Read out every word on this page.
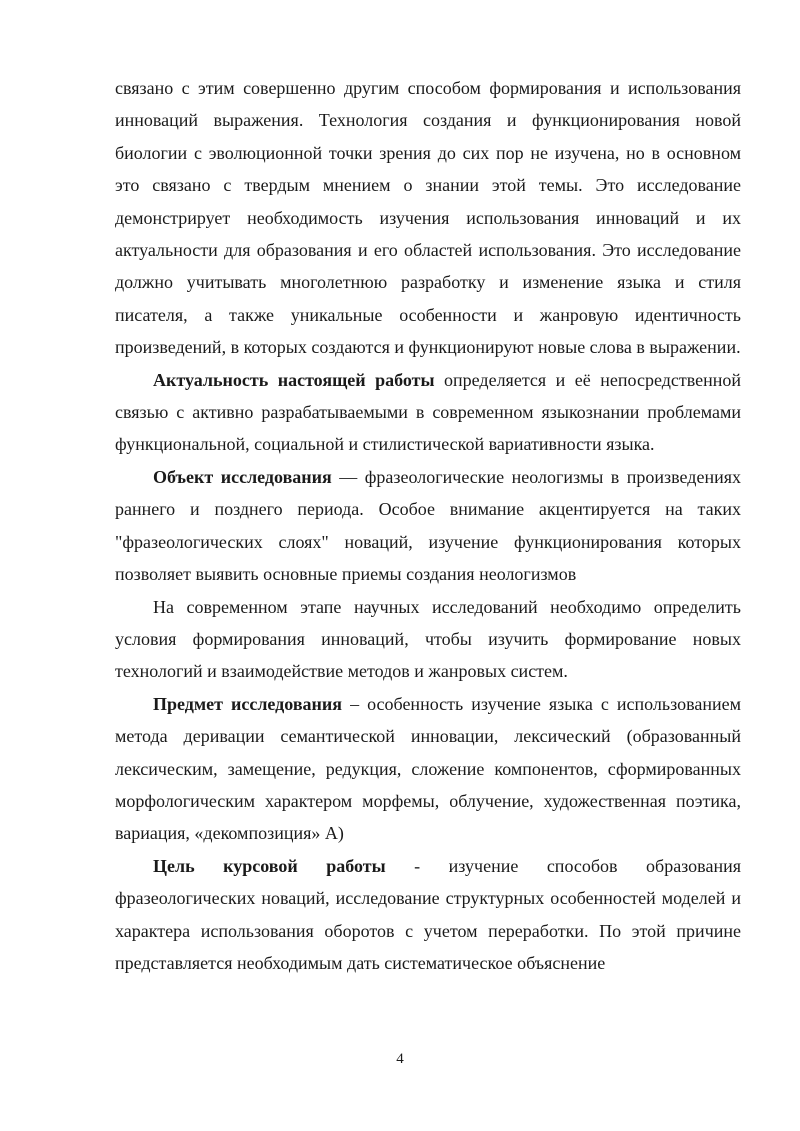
связано с этим совершенно другим способом формирования и использования инноваций выражения. Технология создания и функционирования новой биологии с эволюционной точки зрения до сих пор не изучена, но в основном это связано с твердым мнением о знании этой темы. Это исследование демонстрирует необходимость изучения использования инноваций и их актуальности для образования и его областей использования. Это исследование должно учитывать многолетнюю разработку и изменение языка и стиля писателя, а также уникальные особенности и жанровую идентичность произведений, в которых создаются и функционируют новые слова в выражении.

Актуальность настоящей работы определяется и её непосредственной связью с активно разрабатываемыми в современном языкознании проблемами функциональной, социальной и стилистической вариативности языка.

Объект исследования — фразеологические неологизмы в произведениях раннего и позднего периода. Особое внимание акцентируется на таких "фразеологических слоях" новаций, изучение функционирования которых позволяет выявить основные приемы создания неологизмов

На современном этапе научных исследований необходимо определить условия формирования инноваций, чтобы изучить формирование новых технологий и взаимодействие методов и жанровых систем.

Предмет исследования – особенность изучение языка с использованием метода деривации семантической инновации, лексический (образованный лексическим, замещение, редукция, сложение компонентов, сформированных морфологическим характером морфемы, облучение, художественная поэтика, вариация, «декомпозиция» А)

Цель курсовой работы - изучение способов образования фразеологических новаций, исследование структурных особенностей моделей и характера использования оборотов с учетом переработки. По этой причине представляется необходимым дать систематическое объяснение

4
